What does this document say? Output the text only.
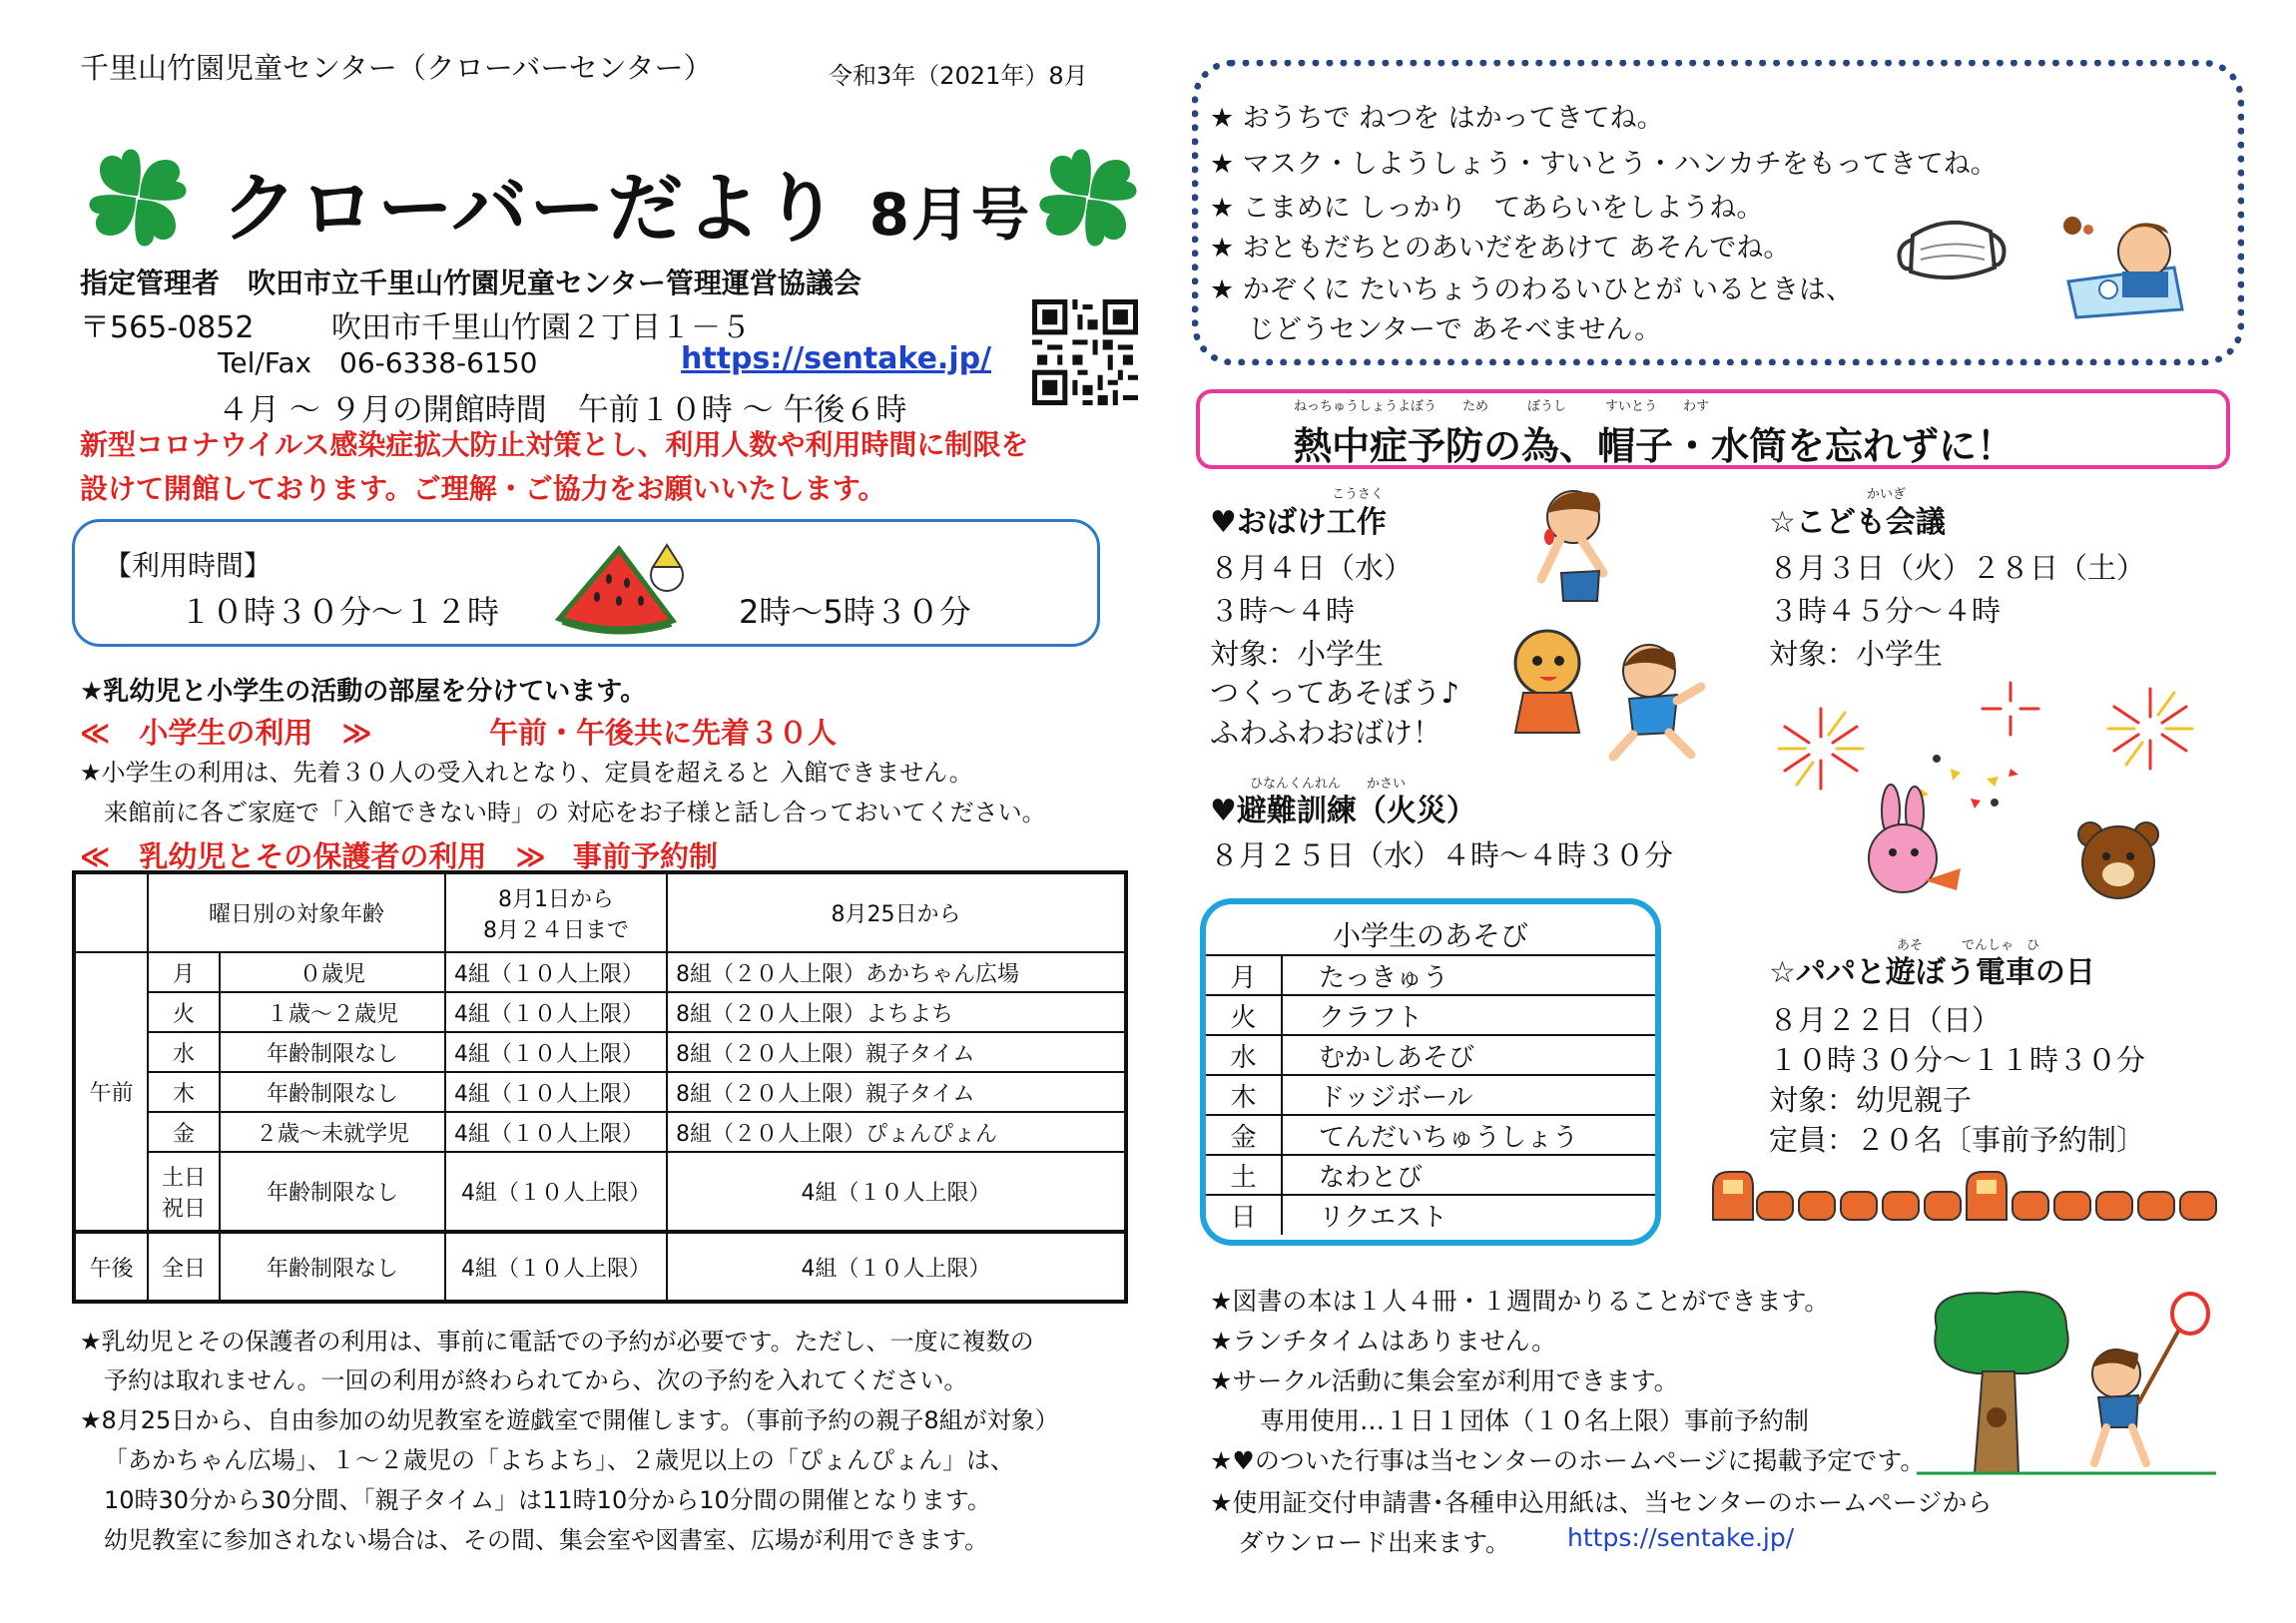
千里山竹園児童センター（クローバーセンター）	令和3年（2021年）8月
クローバーだより 8月号
指定管理者　吹田市立千里山竹園児童センター管理運営協議会
〒565-0852	吹田市千里山竹園２丁目１－５
Tel/Fax　06-6338-6150	https://sentake.jp/
４月 ～ ９月の開館時間　午前１０時 ～ 午後６時
新型コロナウイルス感染症拡大防止対策とし、利用人数や利用時間に制限を
設けて開館しております。ご理解・ご協力をお願いいたします。
【利用時間】
１０時３０分～１２時	2時～5時３０分
★乳幼児と小学生の活動の部屋を分けています。
≪　小学生の利用　≫	午前・午後共に先着３０人
★小学生の利用は、先着３０人の受入れとなり、定員を超えると 入館できません。
来館前に各ご家庭で「入館できない時」の 対応をお子様と話し合っておいてください。
≪　乳幼児とその保護者の利用　≫ 事前予約制
	曜日別の対象年齢		8月1日から
8月２４日まで	8月25日から
午前	月	０歳児	4組（１０人上限）	8組（２０人上限）あかちゃん広場
	火	１歳～２歳児	4組（１０人上限）	8組（２０人上限）よちよち
	水	年齢制限なし	4組（１０人上限）	8組（２０人上限）親子タイム
	木	年齢制限なし	4組（１０人上限）	8組（２０人上限）親子タイム
	金	２歳～未就学児	4組（１０人上限）	8組（２０人上限）ぴょんぴょん

	土日
祝日	年齢制限なし	4組（１０人上限）	4組（１０人上限）
午後	全日	年齢制限なし	4組（１０人上限）	4組（１０人上限）
★乳幼児とその保護者の利用は、事前に電話での予約が必要です。ただし、一度に複数の
予約は取れません。一回の利用が終わられてから、次の予約を入れてください。
★8月25日から、自由参加の幼児教室を遊戯室で開催します。（事前予約の親子8組が対象）
「あかちゃん広場」、１～２歳児の「よちよち」、２歳児以上の「ぴょんぴょん」は、
10時30分から30分間、「親子タイム」は11時10分から10分間の開催となります。
幼児教室に参加されない場合は、その間、集会室や図書室、広場が利用できます。
★ おうちで ねつを はかってきてね。
★ マスク・しようしょう・すいとう・ハンカチをもってきてね。
★ こまめに しっかり　てあらいをしようね。
★ おともだちとのあいだをあけて あそんでね。
★ かぞくに たいちょうのわるいひとが いるときは、
じどうセンターで あそべません。
ねっちゅうしょうよぼう　　ため　　　ぼうし　　　すいとう　　わす
熱中症予防の為、帽子・水筒を忘れずに！
こうさく
♥おばけ工作
８月４日（水）
３時～４時
対象：小学生
つくってあそぼう♪
ふわふわおばけ！
ひなんくんれん　　かさい
♥避難訓練（火災）
８月２５日（水）４時～４時３０分
かいぎ
☆こども会議
８月３日（火）２８日（土）
３時４５分～４時
対象：小学生
小学生のあそび
月	たっきゅう
火	クラフト
水	むかしあそび
木	ドッジボール
金	てんだいちゅうしょう
土	なわとび
日	リクエスト
あそ　　　でんしゃ　ひ
☆パパと遊ぼう電車の日
８月２２日（日）
１０時３０分～１１時３０分
対象：幼児親子
定員：２０名〔事前予約制〕
★図書の本は１人４冊・１週間かりることができます。
★ランチタイムはありません。
★サークル活動に集会室が利用できます。
専用使用…１日１団体（１０名上限）事前予約制
★♥のついた行事は当センターのホームページに掲載予定です。
★使用証交付申請書･各種申込用紙は、当センターのホームページから
ダウンロード出来ます。 https://sentake.jp/
